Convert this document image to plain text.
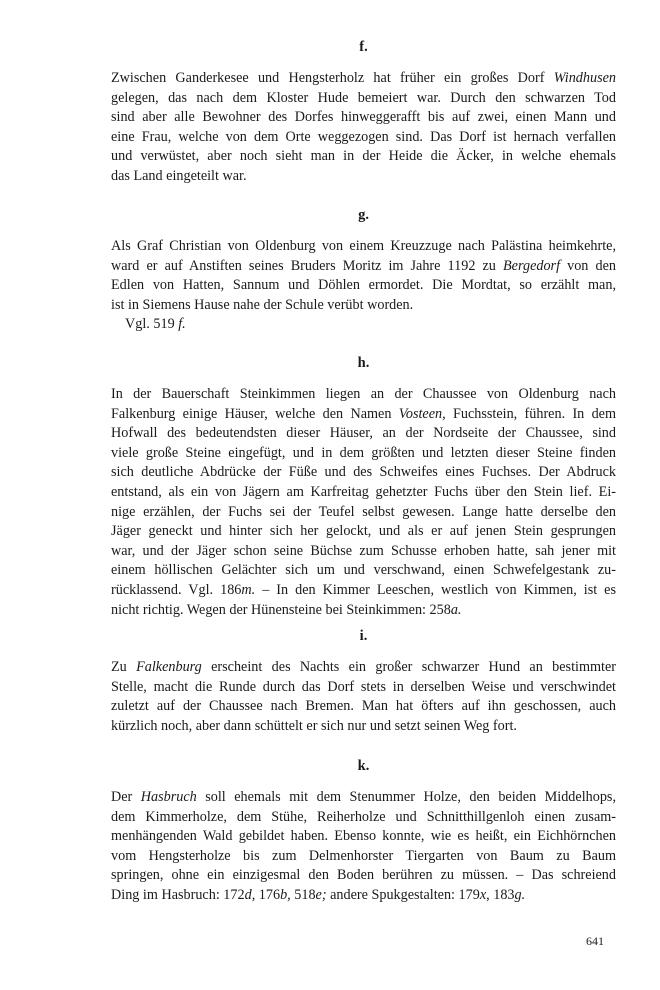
f.

Zwischen Ganderkesee und Hengsterholz hat früher ein großes Dorf Windhusen
gelegen, das nach dem Kloster Hude bemeiert war. Durch den schwarzen Tod
sind aber alle Bewohner des Dorfes hinweggerafft bis auf zwei, einen Mann und
eine Frau, welche von dem Orte weggezogen sind. Das Dorf ist hernach verfallen
und verwüstet, aber noch sieht man in der Heide die Äcker, in welche ehemals
das Land eingeteilt war.

g.

Als Graf Christian von Oldenburg von einem Kreuzzuge nach Palästina heimkehrte,
ward er auf Anstiften seines Bruders Moritz im Jahre 1192 zu Bergedorf von den
Edlen von Hatten, Sannum und Döhlen ermordet. Die Mordtat, so erzählt man,
ist in Siemens Hause nahe der Schule verübt worden.

Vgl. 519 f.
h.

In der Bauerschaft Steinkimmen liegen an der Chaussee von Oldenburg nach
Falkenburg einige Häuser, welche den Namen Vosteen, Fuchsstein, führen. In dem
Hofwall des bedeutendsten dieser Häuser, an der Nordseite der Chaussee, sind
viele große Steine eingefügt, und in dem größten und letzten dieser Steine finden
sich deutliche Abdrücke der Füße und des Schweifes eines Fuchses. Der Abdruck
entstand, als ein von Jägern am Karfreitag gehetzter Fuchs über den Stein lief. Ei-
nige erzählen, der Fuchs sei der Teufel selbst gewesen. Lange hatte derselbe den
Jäger geneckt und hinter sich her gelockt, und als er auf jenen Stein gesprungen
war, und der Jäger schon seine Büchse zum Schusse erhoben hatte, sah jener mit
einem höllischen Gelächter sich um und verschwand, einen Schwefelgestank zu-
rücklassend. Vgl. 186m. – In den Kimmer Leeschen, westlich von Kimmen, ist es
nicht richtig. Wegen der Hünensteine bei Steinkimmen: 258a.

i.

Zu Falkenburg erscheint des Nachts ein großer schwarzer Hund an bestimmter
Stelle, macht die Runde durch das Dorf stets in derselben Weise und verschwindet
zuletzt auf der Chaussee nach Bremen. Man hat öfters auf ihn geschossen, auch
kürzlich noch, aber dann schüttelt er sich nur und setzt seinen Weg fort.

k.

Der Hasbruch soll ehemals mit dem Stenummer Holze, den beiden Middelhops,
dem Kimmerholze, dem Stühe, Reiherholze und Schnitthillgenloh einen zusam-
menhängenden Wald gebildet haben. Ebenso konnte, wie es heißt, ein Eichhörnchen
vom Hengsterholze bis zum Delmenhorster Tiergarten von Baum zu Baum
springen, ohne ein einzigesmal den Boden berühren zu müssen. – Das schreiend
Ding im Hasbruch: 172d, 176b, 518e; andere Spukgestalten: 179x, 183g.

641
